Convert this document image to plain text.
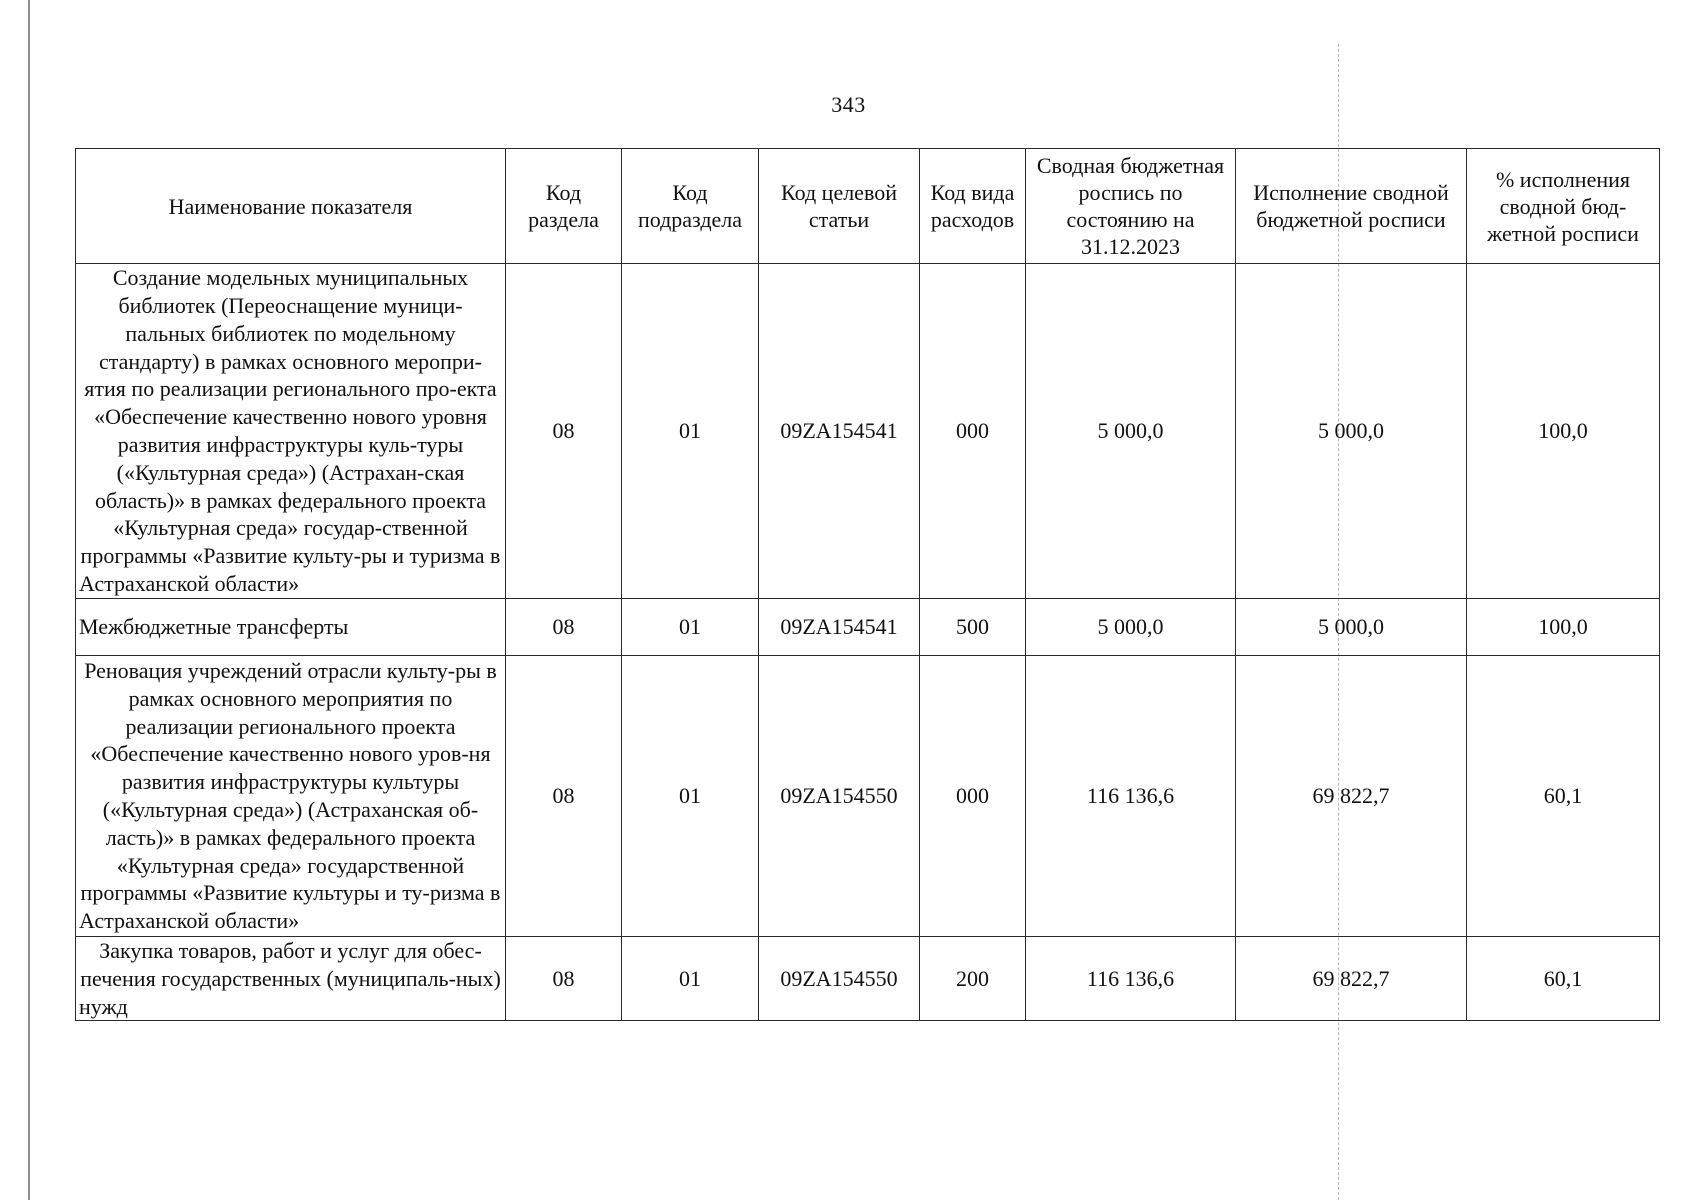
343
Наименование показателя	Код раздела	Код подраздела	Код целевой статьи	Код вида расходов	Сводная бюджетная роспись по состоянию на 31.12.2023	Исполнение сводной бюджетной росписи	% исполнения сводной бюд-жетной росписи
Создание модельных муниципальных библиотек (Переоснащение муници-пальных библиотек по модельному стандарту) в рамках основного меропри-ятия по реализации регионального про-екта «Обеспечение качественно нового уровня развития инфраструктуры куль-туры («Культурная среда») (Астрахан-ская область)» в рамках федерального проекта «Культурная среда» государ-ственной программы «Развитие культу-ры и туризма в Астраханской области»	08	01	09ZA154541	000	5 000,0	5 000,0	100,0
Межбюджетные трансферты	08	01	09ZA154541	500	5 000,0	5 000,0	100,0
Реновация учреждений отрасли культу-ры в рамках основного мероприятия по реализации регионального проекта «Обеспечение качественно нового уров-ня развития инфраструктуры культуры («Культурная среда») (Астраханская об-ласть)» в рамках федерального проекта «Культурная среда» государственной программы «Развитие культуры и ту-ризма в Астраханской области»	08	01	09ZA154550	000	116 136,6	69 822,7	60,1
Закупка товаров, работ и услуг для обес-печения государственных (муниципаль-ных) нужд	08	01	09ZA154550	200	116 136,6	69 822,7	60,1
